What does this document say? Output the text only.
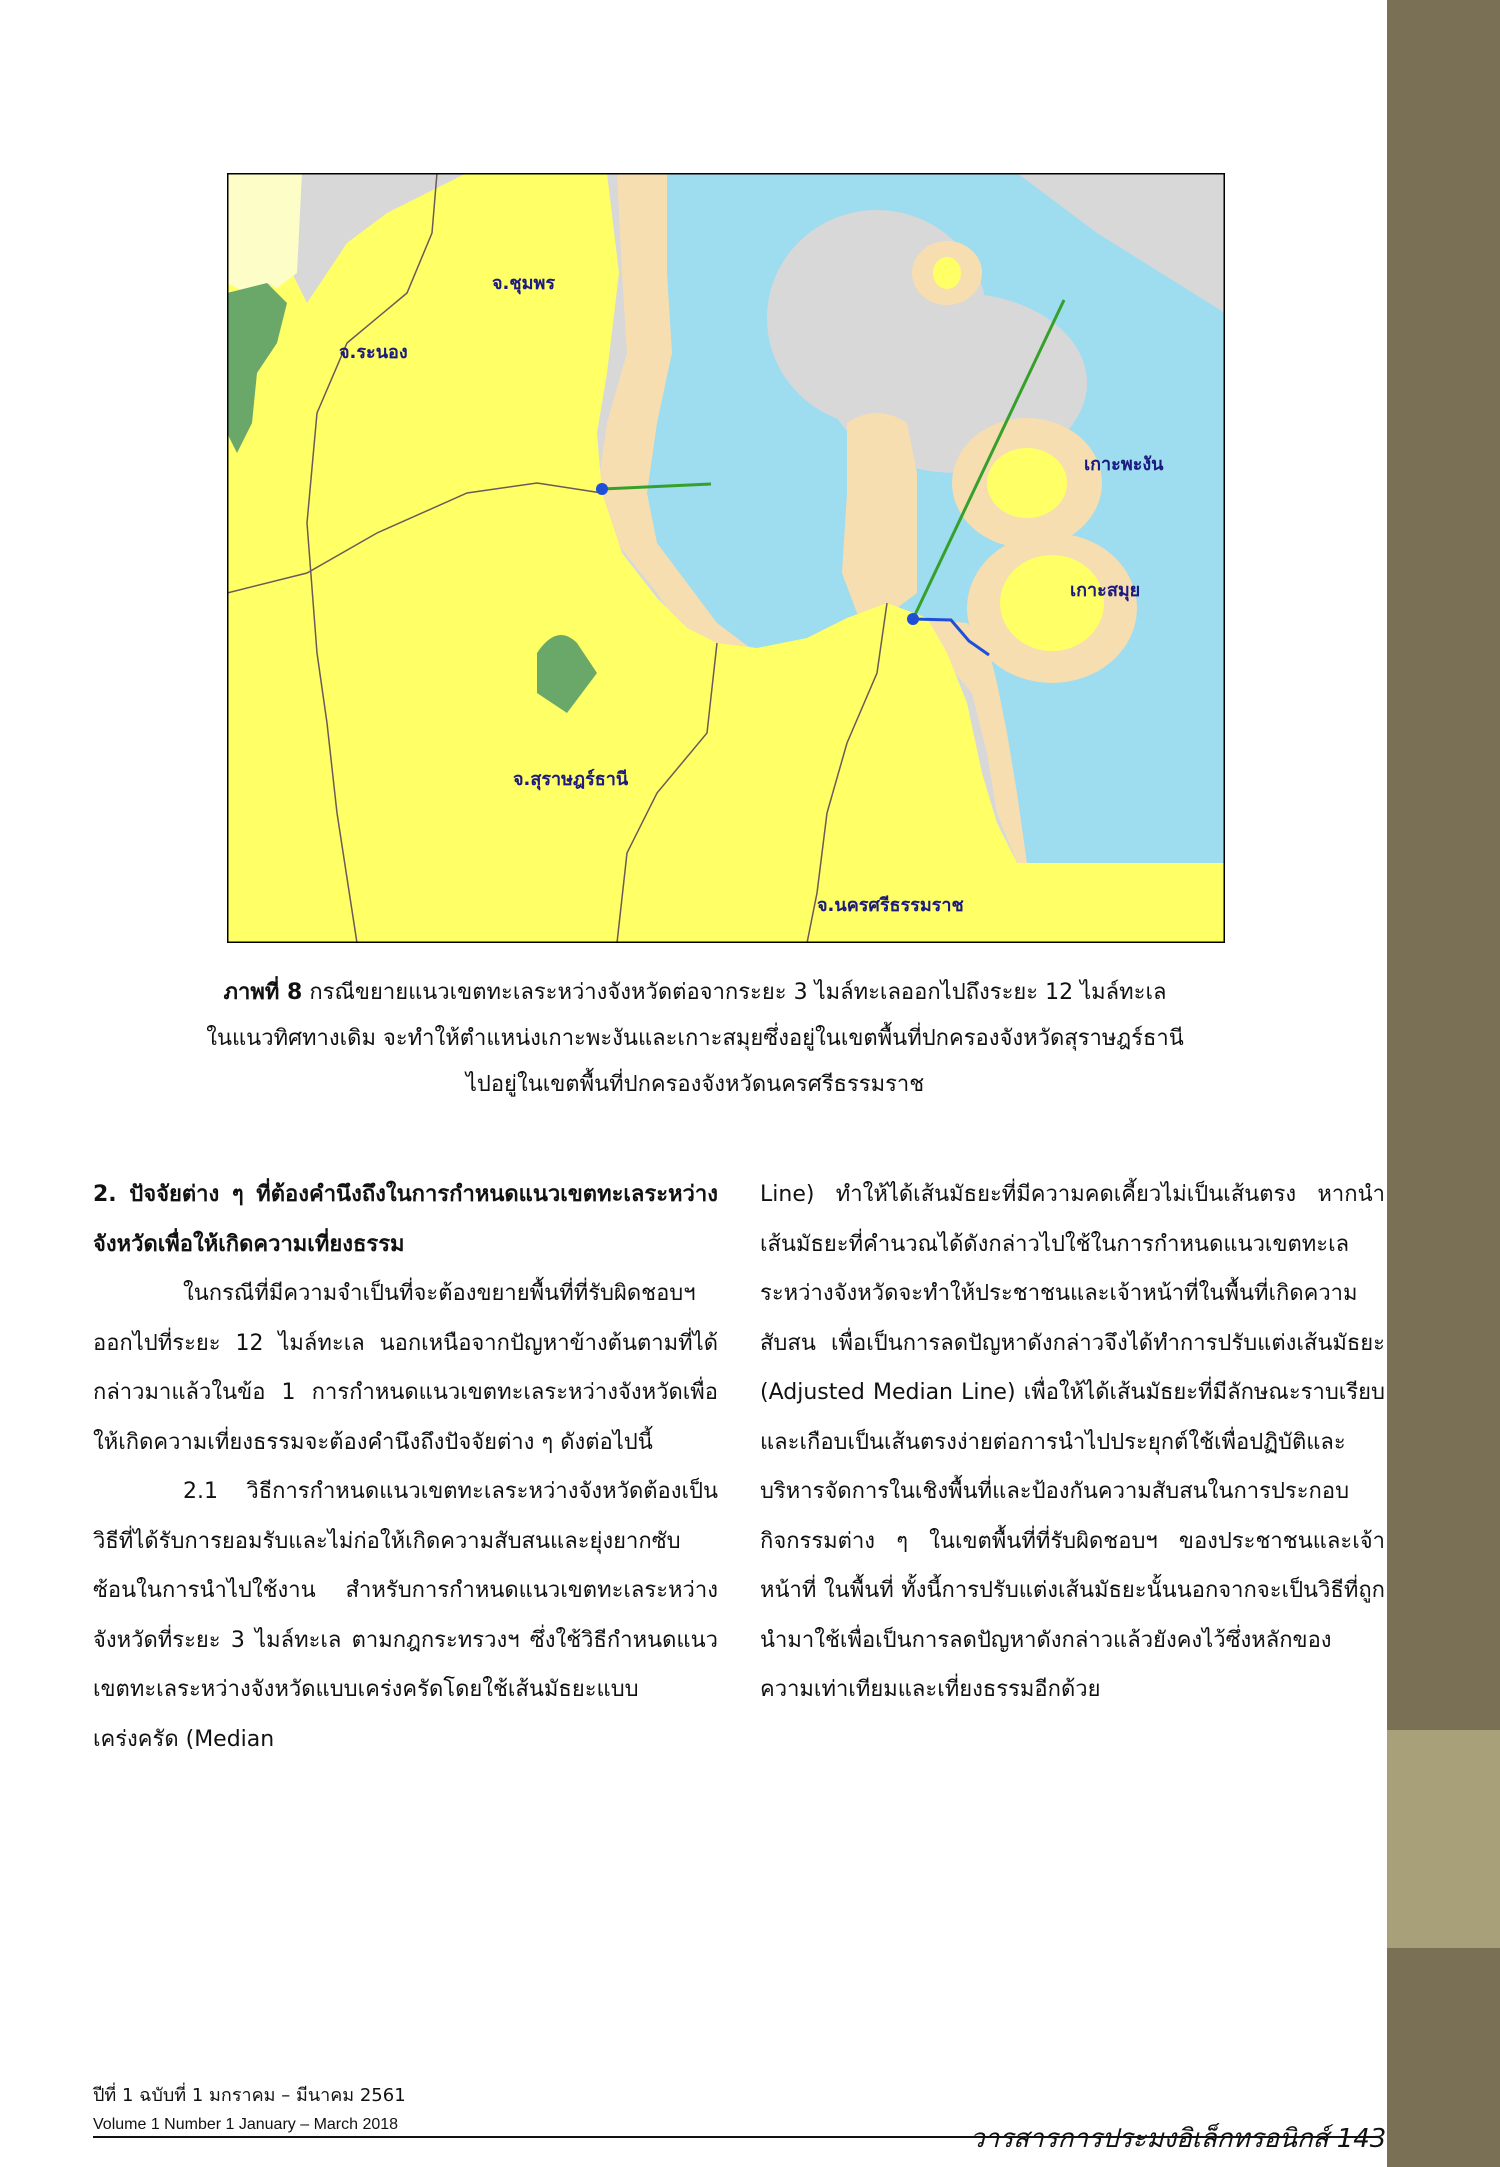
จ.ชุมพร
จ.ระนอง
จ.สุราษฎร์ธานี
จ.นครศรีธรรมราช
เกาะพะงัน
เกาะสมุย
ภาพที่ 8 กรณีขยายแนวเขตทะเลระหว่างจังหวัดต่อจากระยะ 3 ไมล์ทะเลออกไปถึงระยะ 12 ไมล์ทะเล
ในแนวทิศทางเดิม จะทำให้ตำแหน่งเกาะพะงันและเกาะสมุยซึ่งอยู่ในเขตพื้นที่ปกครองจังหวัดสุราษฎร์ธานี
ไปอยู่ในเขตพื้นที่ปกครองจังหวัดนครศรีธรรมราช

2. ปัจจัยต่าง ๆ ที่ต้องคำนึงถึงในการกำหนดแนวเขตทะเลระหว่างจังหวัดเพื่อให้เกิดความเที่ยงธรรม

ในกรณีที่มีความจำเป็นที่จะต้องขยายพื้นที่ที่รับผิดชอบฯ ออกไปที่ระยะ 12 ไมล์ทะเล นอกเหนือจากปัญหาข้างต้นตามที่ได้กล่าวมาแล้วในข้อ 1 การกำหนดแนวเขตทะเลระหว่างจังหวัดเพื่อให้เกิดความเที่ยงธรรมจะต้องคำนึงถึงปัจจัยต่าง ๆ ดังต่อไปนี้

2.1 วิธีการกำหนดแนวเขตทะเลระหว่างจังหวัดต้องเป็นวิธีที่ได้รับการยอมรับและไม่ก่อให้เกิดความสับสนและยุ่งยากซับซ้อนในการนำไปใช้งาน สำหรับการกำหนดแนวเขตทะเลระหว่างจังหวัดที่ระยะ 3 ไมล์ทะเล ตามกฎกระทรวงฯ ซึ่งใช้วิธีกำหนดแนวเขตทะเลระหว่างจังหวัดแบบเคร่งครัดโดยใช้เส้นมัธยะแบบเคร่งครัด (Median

Line) ทำให้ได้เส้นมัธยะที่มีความคดเคี้ยวไม่เป็นเส้นตรง หากนำเส้นมัธยะที่คำนวณได้ดังกล่าวไปใช้ในการกำหนดแนวเขตทะเลระหว่างจังหวัดจะทำให้ประชาชนและเจ้าหน้าที่ในพื้นที่เกิดความสับสน เพื่อเป็นการลดปัญหาดังกล่าวจึงได้ทำการปรับแต่งเส้นมัธยะ (Adjusted Median Line) เพื่อให้ได้เส้นมัธยะที่มีลักษณะราบเรียบและเกือบเป็นเส้นตรงง่ายต่อการนำไปประยุกต์ใช้เพื่อปฏิบัติและบริหารจัดการในเชิงพื้นที่และป้องกันความสับสนในการประกอบกิจกรรมต่าง ๆ ในเขตพื้นที่ที่รับผิดชอบฯ ของประชาชนและเจ้าหน้าที่ ในพื้นที่ ทั้งนี้การปรับแต่งเส้นมัธยะนั้นนอกจากจะเป็นวิธีที่ถูกนำมาใช้เพื่อเป็นการลดปัญหาดังกล่าวแล้วยังคงไว้ซึ่งหลักของความเท่าเทียมและเที่ยงธรรมอีกด้วย

ปีที่ 1 ฉบับที่ 1 มกราคม – มีนาคม 2561
Volume 1 Number 1 January – March 2018	วารสารการประมงอิเล็กทรอนิกส์ 143
